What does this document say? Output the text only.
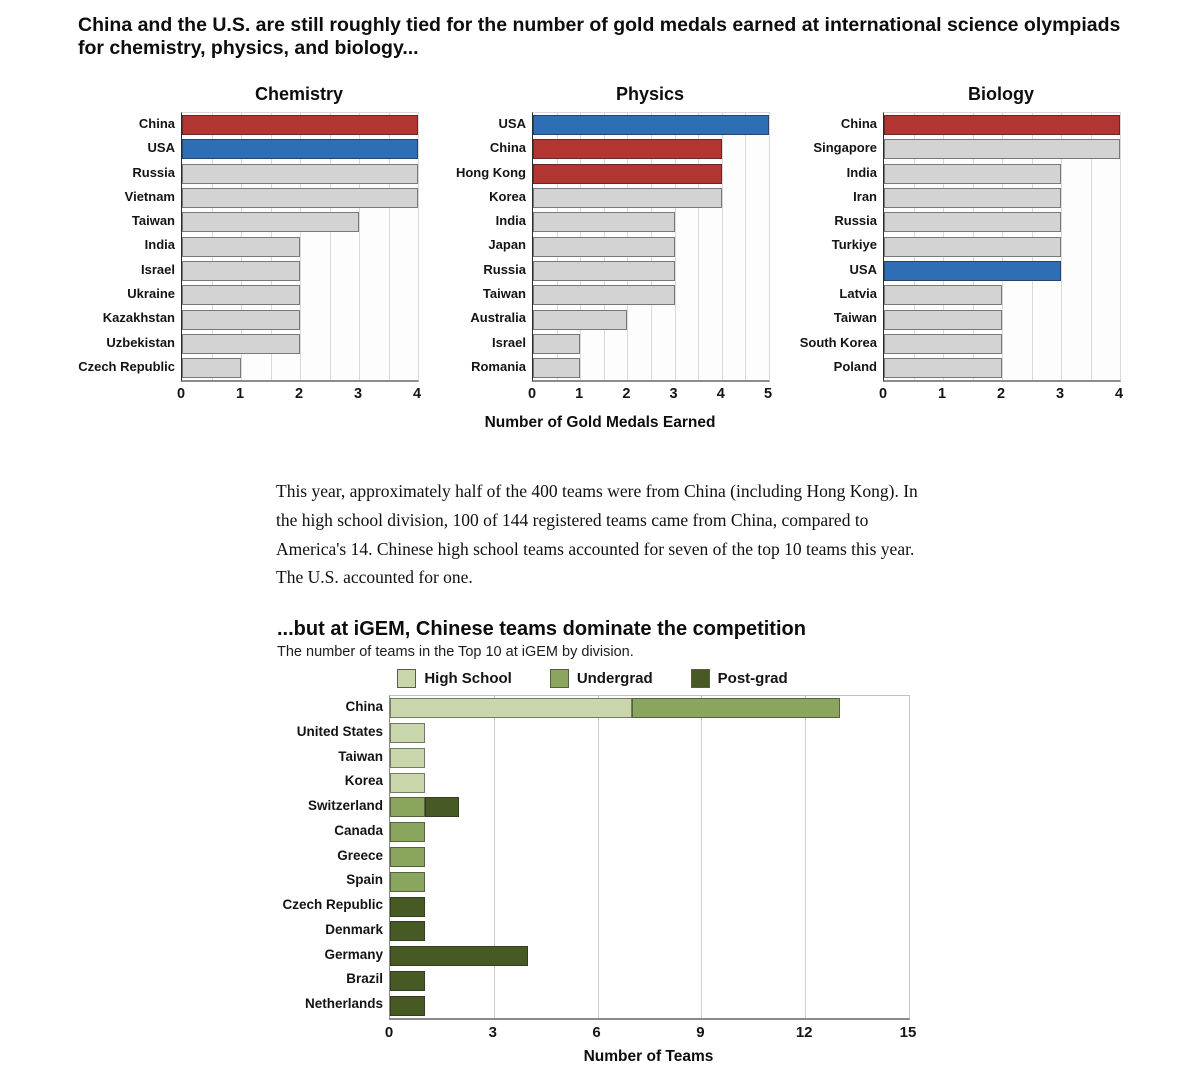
China and the U.S. are still roughly tied for the number of gold medals earned at international science olympiads for chemistry, physics, and biology...
Chemistry
China
USA
Russia
Vietnam
Taiwan
India
Israel
Ukraine
Kazakhstan
Uzbekistan
Czech Republic
0	1	2	3	4
Physics
USA
China
Hong Kong
Korea
India
Japan
Russia
Taiwan
Australia
Israel
Romania
0	1	2	3	4	5
Biology
China
Singapore
India
Iran
Russia
Turkiye
USA
Latvia
Taiwan
South Korea
Poland
0	1	2	3	4
Number of Gold Medals Earned
This year, approximately half of the 400 teams were from China (including Hong Kong). In the high school division, 100 of 144 registered teams came from China, compared to America's 14. Chinese high school teams accounted for seven of the top 10 teams this year. The U.S. accounted for one.
...but at iGEM, Chinese teams dominate the competition
The number of teams in the Top 10 at iGEM by division.
High School	Undergrad	Post-grad
China
United States
Taiwan
Korea
Switzerland
Canada
Greece
Spain
Czech Republic
Denmark
Germany
Brazil
Netherlands
0	3	6	9	12	15
Number of Teams
